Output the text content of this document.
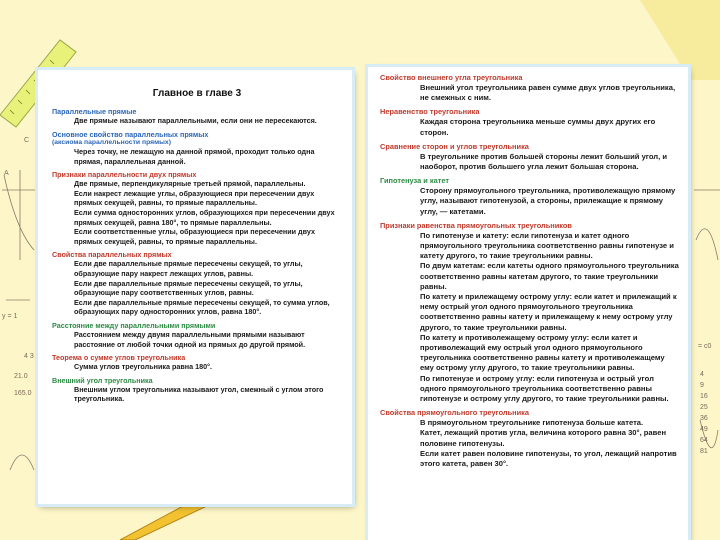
y = 1
4 3
21.0
165.0
A
C
= c0
4
9
16
25
36
49
64
81
Главное в главе 3

Параллельные прямые

Две прямые называют параллельными, если они не пересекаются.

Основное свойство параллельных прямых

(аксиома параллельности прямых)

Через точку, не лежащую на данной прямой, проходит только одна прямая, параллельная данной.

Признаки параллельности двух прямых

Две прямые, перпендикулярные третьей прямой, параллельны.

Если накрест лежащие углы, образующиеся при пересечении двух прямых секущей, равны, то прямые параллельны.

Если сумма односторонних углов, образующихся при пересечении двух прямых секущей, равна 180°, то прямые параллельны.

Если соответственные углы, образующиеся при пересечении двух прямых секущей, равны, то прямые параллельны.

Свойства параллельных прямых

Если две параллельные прямые пересечены секущей, то углы, образующие пару накрест лежащих углов, равны.

Если две параллельные прямые пересечены секущей, то углы, образующие пару соответственных углов, равны.

Если две параллельные прямые пересечены секущей, то сумма углов, образующих пару односторонних углов, равна 180°.

Расстояние между параллельными прямыми

Расстоянием между двумя параллельными прямыми называют расстояние от любой точки одной из прямых до другой прямой.

Теорема о сумме углов треугольника

Сумма углов треугольника равна 180°.

Внешний угол треугольника

Внешним углом треугольника называют угол, смежный с углом этого треугольника.

Свойство внешнего угла треугольника

Внешний угол треугольника равен сумме двух углов треугольника, не смежных с ним.

Неравенство треугольника

Каждая сторона треугольника меньше суммы двух других его сторон.

Сравнение сторон и углов треугольника

В треугольнике против большей стороны лежит больший угол, и наоборот, против большего угла лежит большая сторона.

Гипотенуза и катет

Сторону прямоугольного треугольника, противолежащую прямому углу, называют гипотенузой, а стороны, прилежащие к прямому углу, — катетами.

Признаки равенства прямоугольных треугольников

По гипотенузе и катету: если гипотенуза и катет одного прямоугольного треугольника соответственно равны гипотенузе и катету другого, то такие треугольники равны.

По двум катетам: если катеты одного прямоугольного треугольника соответственно равны катетам другого, то такие треугольники равны.

По катету и прилежащему острому углу: если катет и прилежащий к нему острый угол одного прямоугольного треугольника соответственно равны катету и прилежащему к нему острому углу другого, то такие треугольники равны.

По катету и противолежащему острому углу: если катет и противолежащий ему острый угол одного прямоугольного треугольника соответственно равны катету и противолежащему ему острому углу другого, то такие треугольники равны.

По гипотенузе и острому углу: если гипотенуза и острый угол одного прямоугольного треугольника соответственно равны гипотенузе и острому углу другого, то такие треугольники равны.

Свойства прямоугольного треугольника

В прямоугольном треугольнике гипотенуза больше катета.

Катет, лежащий против угла, величина которого равна 30°, равен половине гипотенузы.

Если катет равен половине гипотенузы, то угол, лежащий напротив этого катета, равен 30°.
